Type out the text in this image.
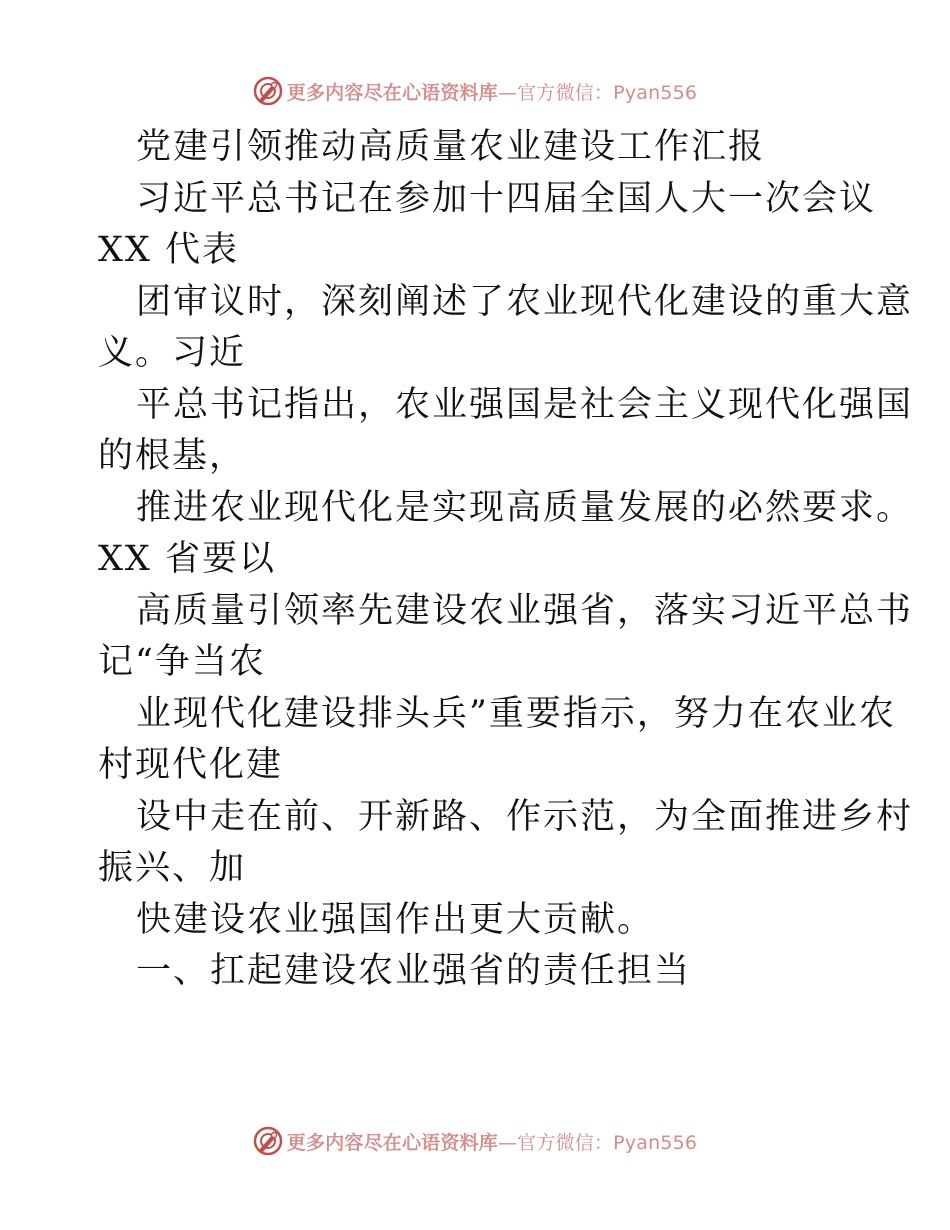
更多内容尽在心语资料库—官方微信：Pyan556
党建引领推动高质量农业建设工作汇报
习近平总书记在参加十四届全国人大一次会议
XX 代表
团审议时，深刻阐述了农业现代化建设的重大意
义。习近
平总书记指出，农业强国是社会主义现代化强国
的根基，
推进农业现代化是实现高质量发展的必然要求。
XX 省要以
高质量引领率先建设农业强省，落实习近平总书
记“争当农
业现代化建设排头兵”重要指示，努力在农业农
村现代化建
设中走在前、开新路、作示范，为全面推进乡村
振兴、加
快建设农业强国作出更大贡献。
一、扛起建设农业强省的责任担当
更多内容尽在心语资料库—官方微信：Pyan556
